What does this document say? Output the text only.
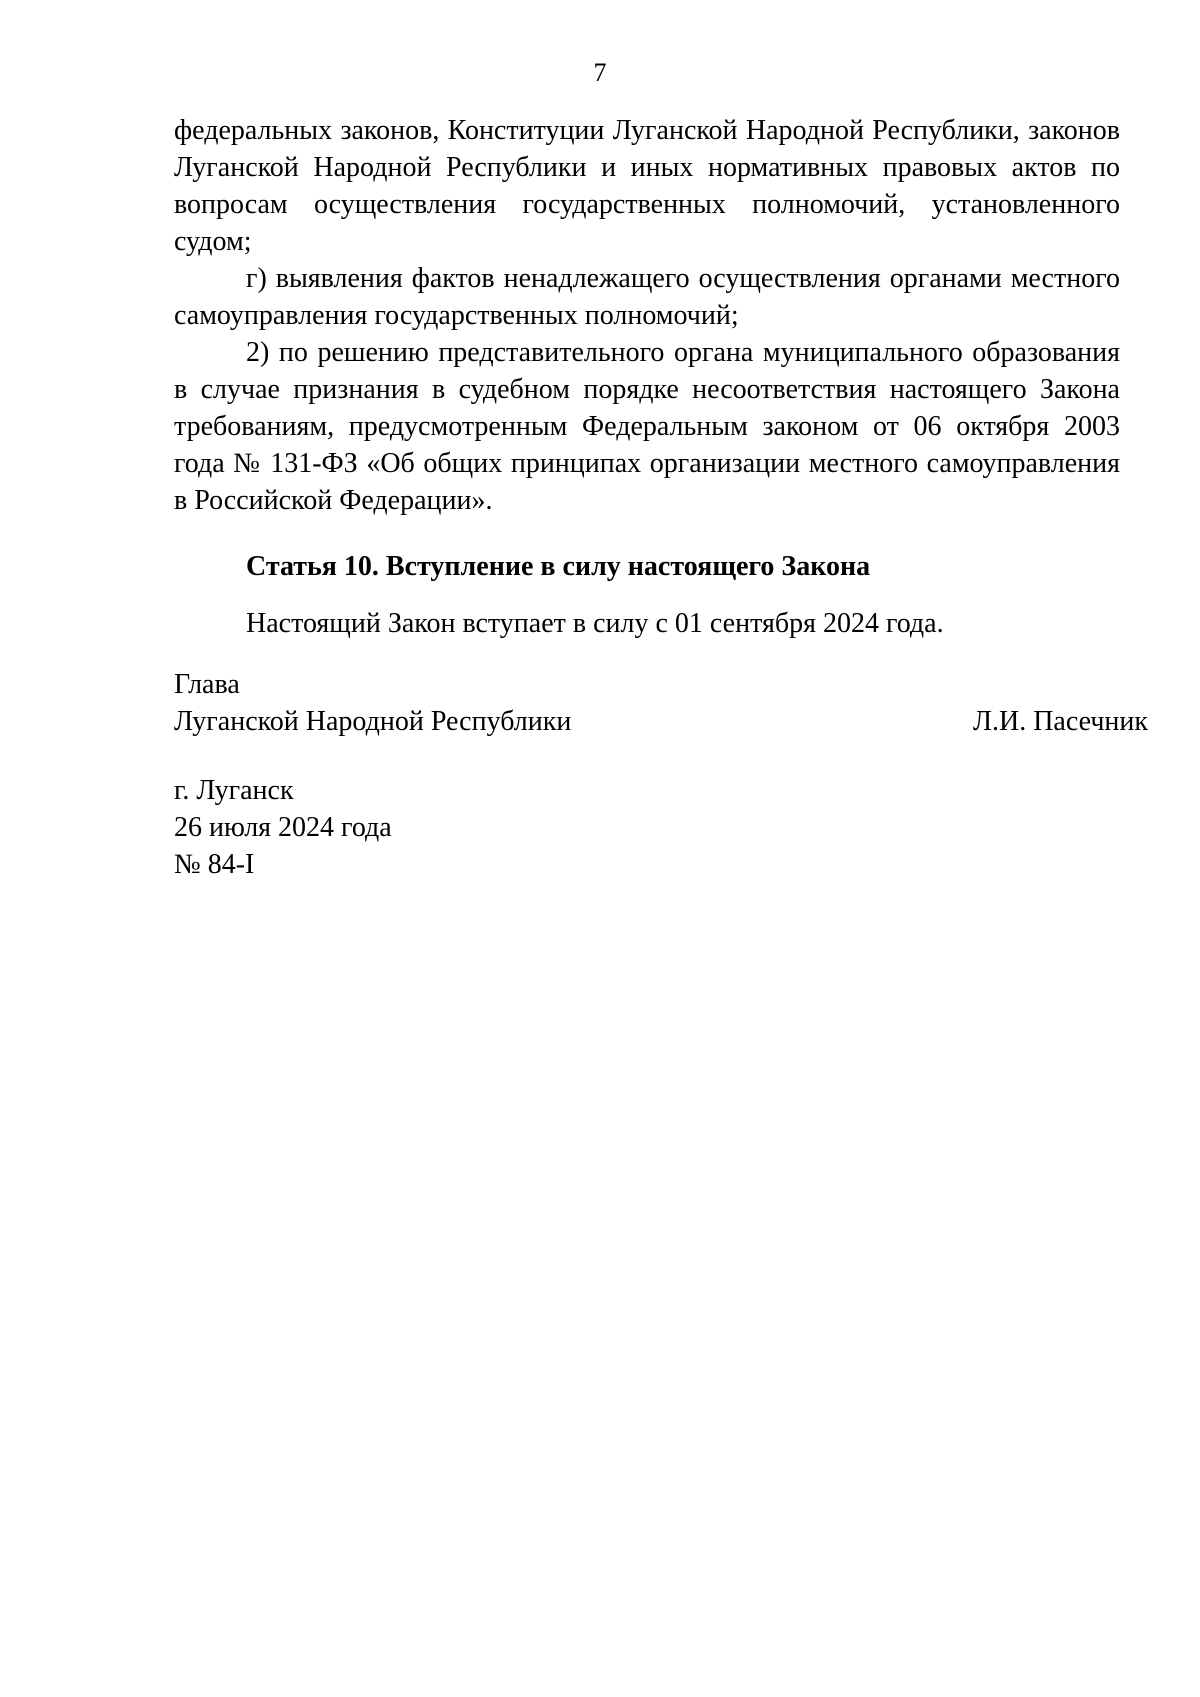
7

федеральных законов, Конституции Луганской Народной Республики, законов Луганской Народной Республики и иных нормативных правовых актов по вопросам осуществления государственных полномочий, установленного судом;

г) выявления фактов ненадлежащего осуществления органами местного самоуправления государственных полномочий;

2) по решению представительного органа муниципального образования в случае признания в судебном порядке несоответствия настоящего Закона требованиям, предусмотренным Федеральным законом от 06 октября 2003 года № 131-ФЗ «Об общих принципах организации местного самоуправления в Российской Федерации».

Статья 10. Вступление в силу настоящего Закона

Настоящий Закон вступает в силу с 01 сентября 2024 года.

Глава
Луганской Народной Республики	Л.И. Пасечник
г. Луганск
26 июля 2024 года
№ 84-I
